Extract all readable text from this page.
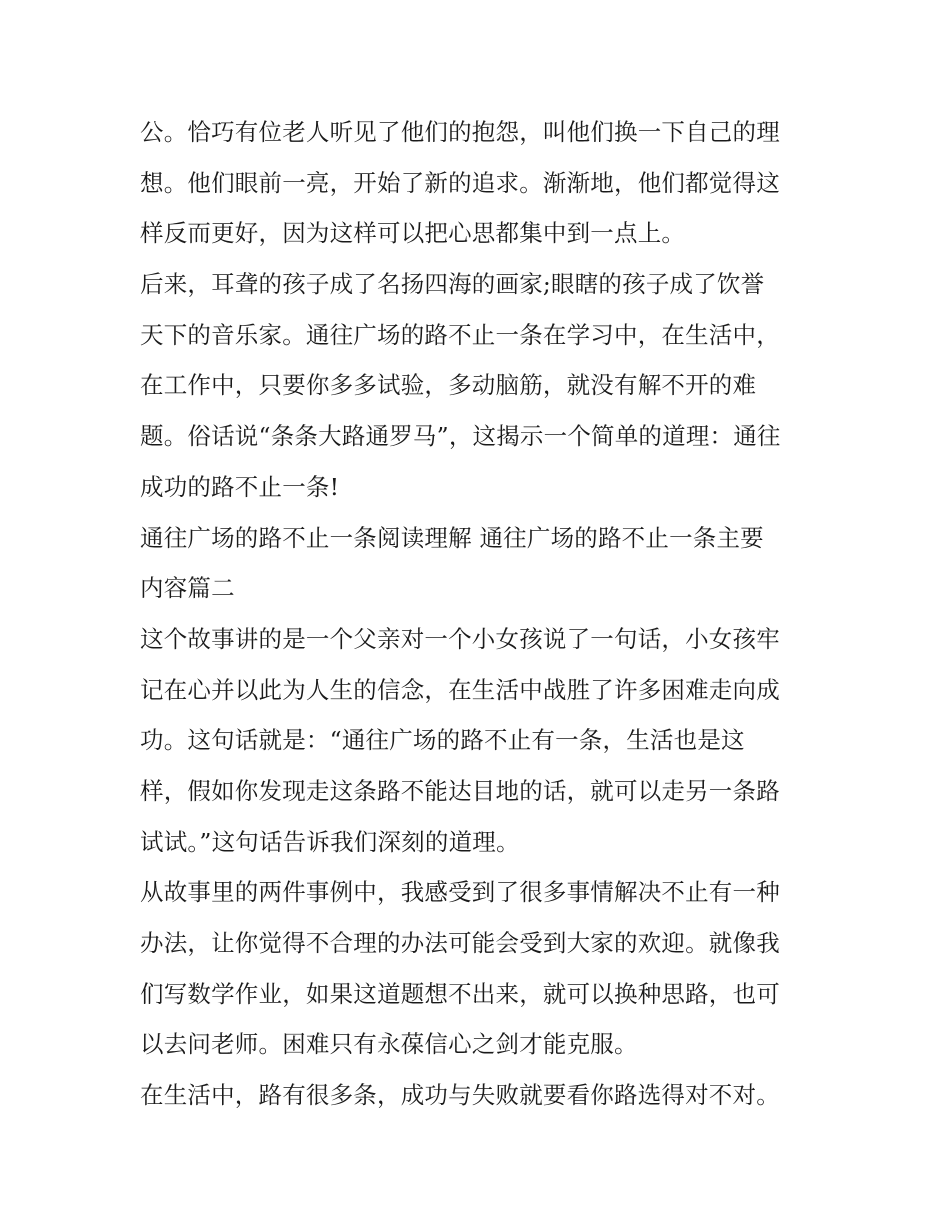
公。恰巧有位老人听见了他们的抱怨，叫他们换一下自己的理
想。他们眼前一亮，开始了新的追求。渐渐地，他们都觉得这
样反而更好，因为这样可以把心思都集中到一点上。
后来，耳聋的孩子成了名扬四海的画家;眼瞎的孩子成了饮誉
天下的音乐家。通往广场的路不止一条在学习中，在生活中，
在工作中，只要你多多试验，多动脑筋，就没有解不开的难
题。俗话说“条条大路通罗马”，这揭示一个简单的道理：通往
成功的路不止一条!
通往广场的路不止一条阅读理解 通往广场的路不止一条主要
内容篇二
这个故事讲的是一个父亲对一个小女孩说了一句话，小女孩牢
记在心并以此为人生的信念，在生活中战胜了许多困难走向成
功。这句话就是：“通往广场的路不止有一条，生活也是这
样，假如你发现走这条路不能达目地的话，就可以走另一条路
试试。”这句话告诉我们深刻的道理。
从故事里的两件事例中，我感受到了很多事情解决不止有一种
办法，让你觉得不合理的办法可能会受到大家的欢迎。就像我
们写数学作业，如果这道题想不出来，就可以换种思路，也可
以去问老师。困难只有永葆信心之剑才能克服。
在生活中，路有很多条，成功与失败就要看你路选得对不对。
